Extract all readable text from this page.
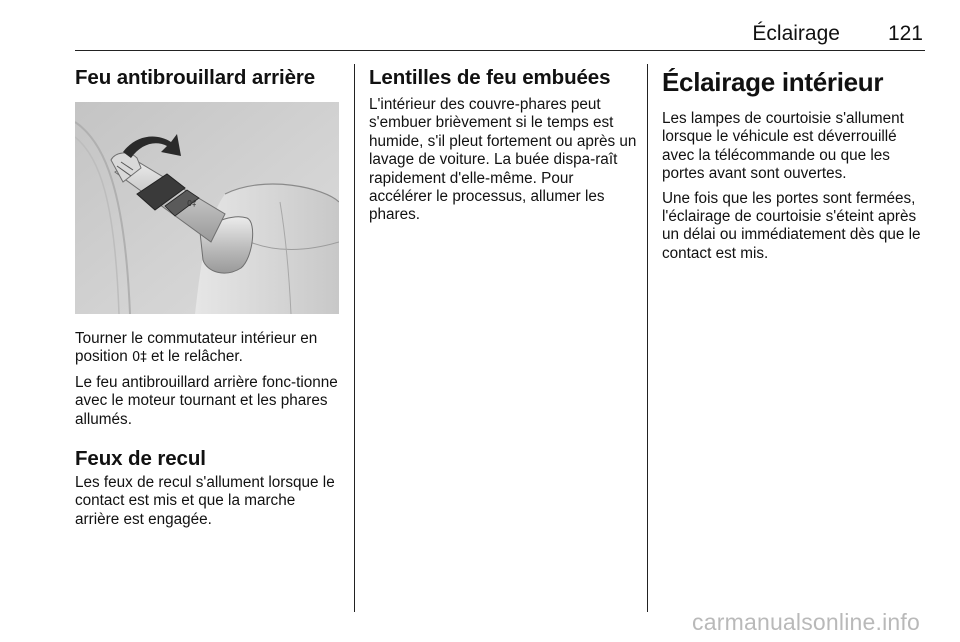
Éclairage 121
Feu antibrouillard arrière
0‡

Tourner le commutateur intérieur en position 0‡ et le relâcher.

Le feu antibrouillard arrière fonc-tionne avec le moteur tournant et les phares allumés.

Feux de recul

Les feux de recul s'allument lorsque le contact est mis et que la marche arrière est engagée.

Lentilles de feu embuées

L'intérieur des couvre-phares peut s'embuer brièvement si le temps est humide, s'il pleut fortement ou après un lavage de voiture. La buée dispa-raît rapidement d'elle-même. Pour accélérer le processus, allumer les phares.

Éclairage intérieur

Les lampes de courtoisie s'allument lorsque le véhicule est déverrouillé avec la télécommande ou que les portes avant sont ouvertes.

Une fois que les portes sont fermées, l'éclairage de courtoisie s'éteint après un délai ou immédiatement dès que le contact est mis.

carmanualsonline.info
